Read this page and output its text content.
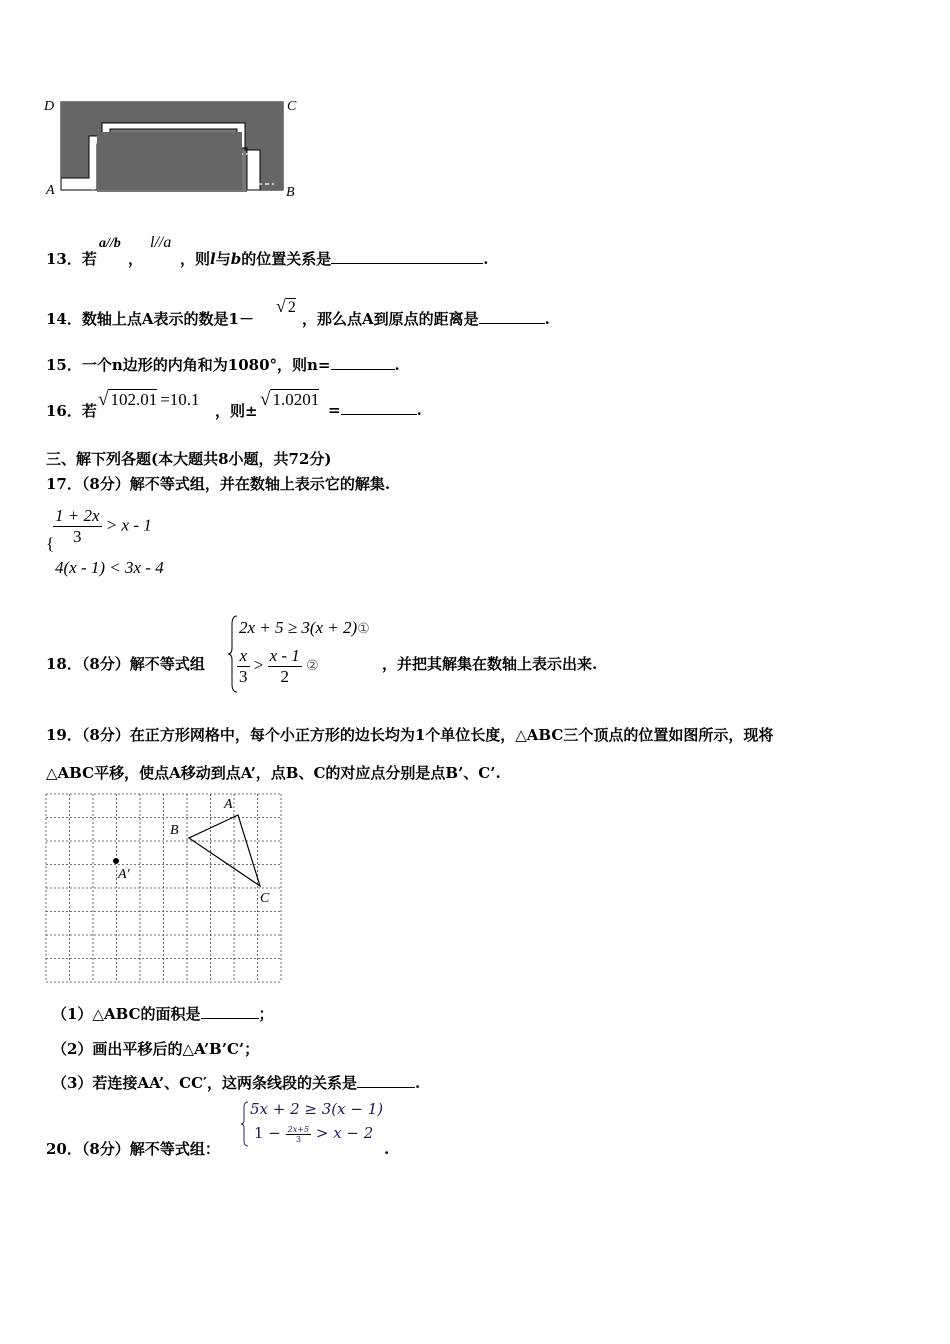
D	C
A	B
13．若
a//b
，
l//a
，则l与b的位置关系是	.
14．数轴上点A表示的数是1－
√ 2
，那么点A到原点的距离是	.
15．一个n边形的内角和为1080°，则n=	.
16．若
√ 102.01 =10.1
，则±
√ 1.0201
=	.
三、解下列各题(本大题共8小题，共72分)
17．（8分）解不等式组，并在数轴上表示它的解集.
{
$\frac{1 + 2x}{3} > x - 1$
4(x - 1) < 3x - 4
18．（8分）解不等式组
2x + 5 ≥ 3(x + 2)①
$\frac{x}{3} > \frac{x - 1}{2}$ ②	，并把其解集在数轴上表示出来.
19．（8分）在正方形网格中，每个小正方形的边长均为1个单位长度，△ABC三个顶点的位置如图所示，现将
△ABC平移，使点A移动到点A’，点B、C的对应点分别是点B’、C’.
A
B
C
A′
（1）△ABC的面积是	；
（2）画出平移后的△A’B’C’；
（3）若连接AA’、CC′，这两条线段的关系是	.
20．（8分）解不等式组：
5x + 2 ≥ 3(x − 1)
$1 - \frac{2x+5}{3} > x - 2$
.
